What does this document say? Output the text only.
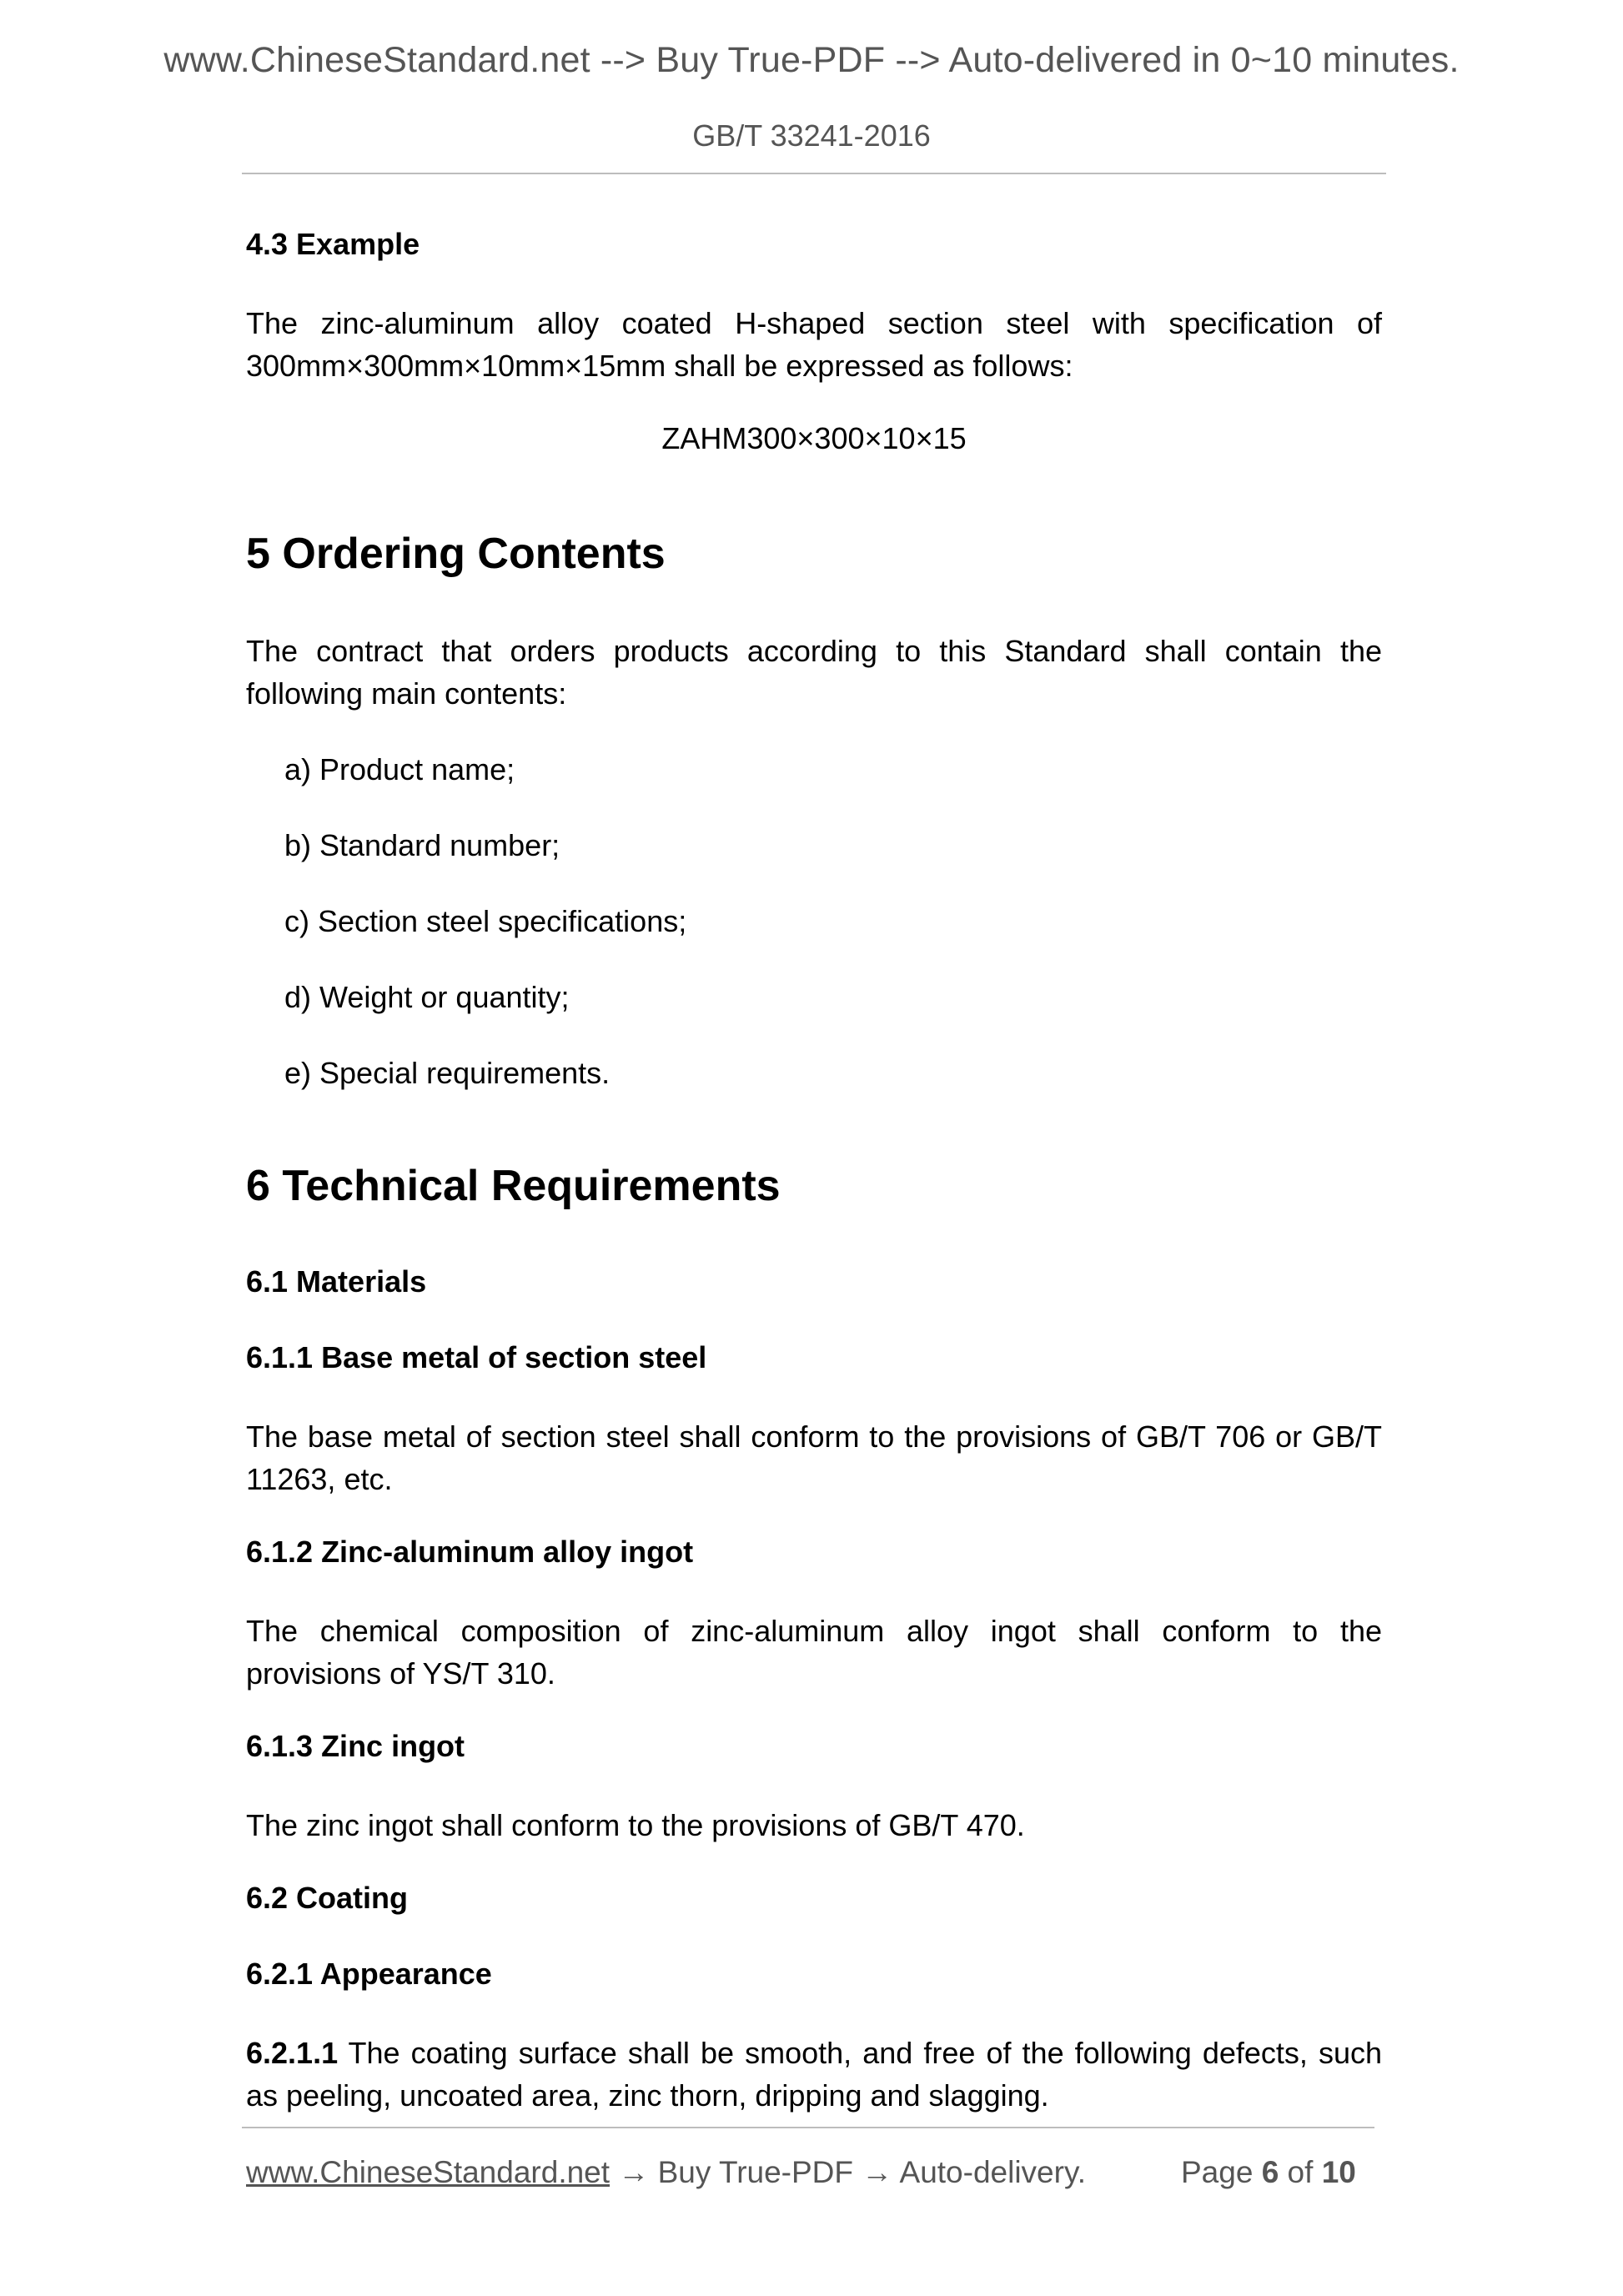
www.ChineseStandard.net --> Buy True-PDF --> Auto-delivered in 0~10 minutes.
GB/T 33241-2016
4.3 Example
The zinc-aluminum alloy coated H-shaped section steel with specification of
300mm×300mm×10mm×15mm shall be expressed as follows:
ZAHM300×300×10×15
5 Ordering Contents
The contract that orders products according to this Standard shall contain the following main contents:
a) Product name;
b) Standard number;
c) Section steel specifications;
d) Weight or quantity;
e) Special requirements.
6 Technical Requirements
6.1 Materials
6.1.1 Base metal of section steel
The base metal of section steel shall conform to the provisions of GB/T 706 or GB/T
11263, etc.
6.1.2 Zinc-aluminum alloy ingot
The chemical composition of zinc-aluminum alloy ingot shall conform to the provisions of YS/T 310.
6.1.3 Zinc ingot
The zinc ingot shall conform to the provisions of GB/T 470.
6.2 Coating
6.2.1 Appearance
6.2.1.1 The coating surface shall be smooth, and free of the following defects, such as peeling, uncoated area, zinc thorn, dripping and slagging.
www.ChineseStandard.net → Buy True-PDF → Auto-delivery.	Page 6 of 10
